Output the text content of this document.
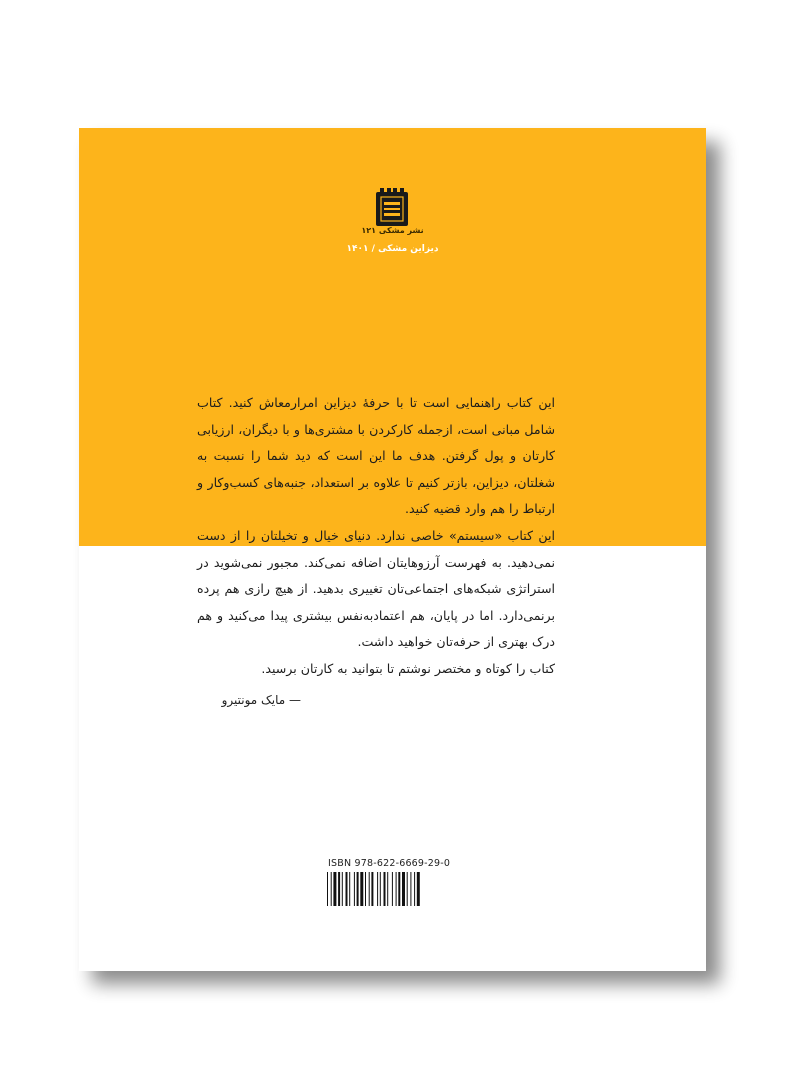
نشر مشکی ۱۲۱
دیزاین مشکی / ۱۴۰۱

این کتاب راهنمایی است تا با حرفهٔ دیزاین امرارمعاش کنید. کتاب شامل مبانی است، ازجمله کارکردن با مشتری‌ها و با دیگران، ارزیابی کارتان و پول گرفتن. هدف ما این است که دید شما را نسبت به شغلتان، دیزاین، بازتر کنیم تا علاوه بر استعداد، جنبه‌های کسب‌وکار و ارتباط را هم وارد قضیه کنید.

این کتاب «سیستم» خاصی ندارد. دنیای خیال و تخیلتان را از دست نمی‌دهید. به فهرست آرزوهایتان اضافه نمی‌کند. مجبور نمی‌شوید در استراتژی شبکه‌های اجتماعی‌تان تغییری بدهید. از هیچ رازی هم پرده برنمی‌دارد. اما در پایان، هم اعتمادبه‌نفس بیشتری پیدا می‌کنید و هم درک بهتری از حرفه‌تان خواهید داشت.

کتاب را کوتاه و مختصر نوشتم تا بتوانید به کارتان برسید.

— مایک مونتیرو
ISBN 978-622-6669-29-0
